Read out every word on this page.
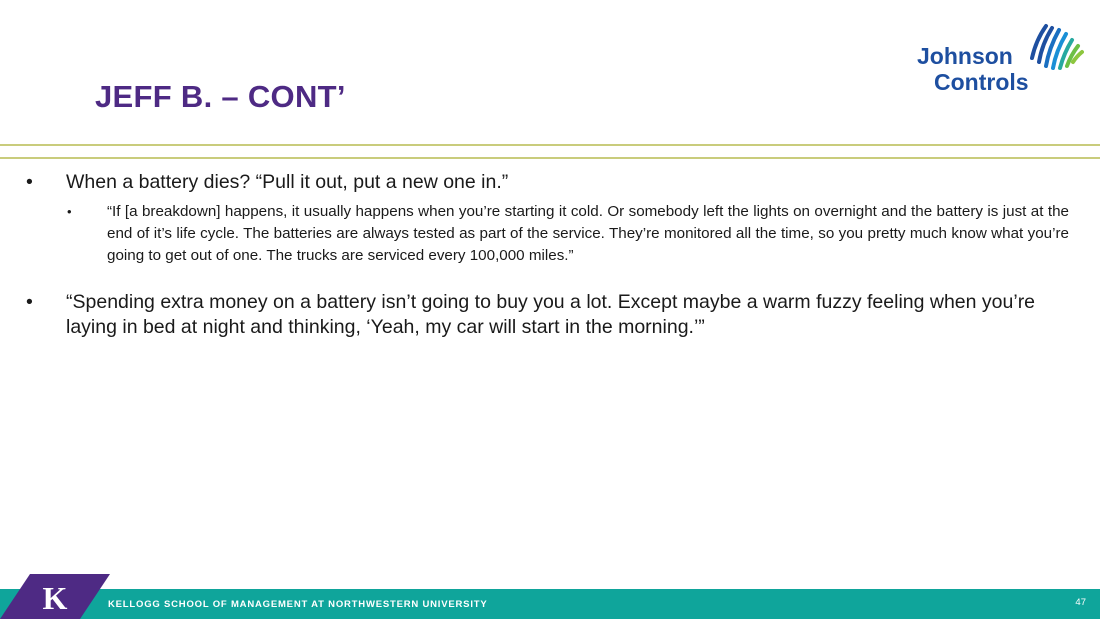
JEFF B. – CONT’
Johnson
Controls
• When a battery dies? “Pull it out, put a new one in.”
• “If [a breakdown] happens, it usually happens when you’re starting it cold. Or somebody left the lights on overnight and the battery is just at the end of it’s life cycle. The batteries are always tested as part of the service. They’re monitored all the time, so you pretty much know what you’re going to get out of one. The trucks are serviced every 100,000 miles.”
• “Spending extra money on a battery isn’t going to buy you a lot. Except maybe a warm fuzzy feeling when you’re laying in bed at night and thinking, ‘Yeah, my car will start in the morning.’”
K	KELLOGG SCHOOL OF MANAGEMENT AT NORTHWESTERN UNIVERSITY	47
